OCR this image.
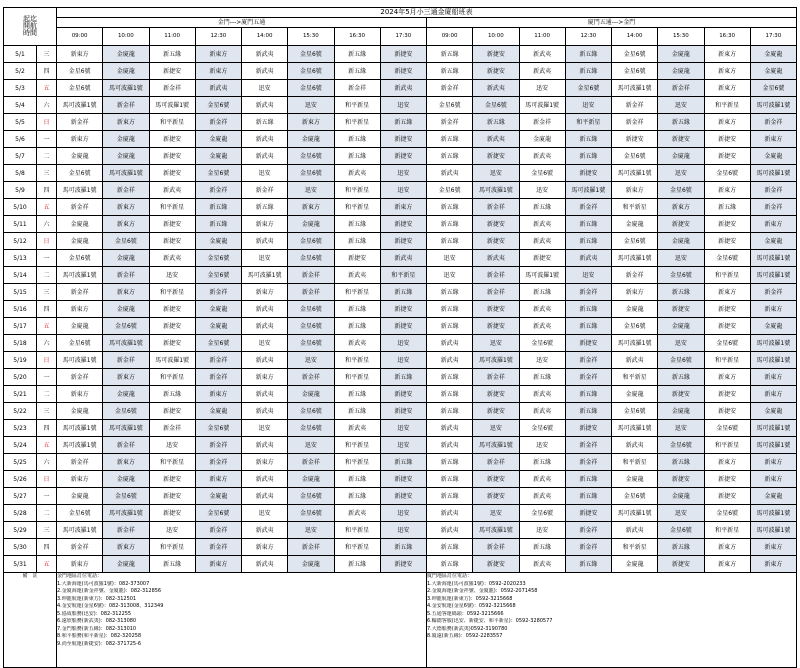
起迄
開航
時間		2024年5月小三通金廈船班表															
		金門--->廈門五通								廈門五通--->金門							
		09:00	10:00	11:00	12:30	14:00	15:30	16:30	17:30	09:00	10:00	11:00	12:30	14:00	15:30	16:30	17:30
5/1	三	新東方	金廈龍	新五緣	新東方	新武夷	金星6號	新五緣	新捷安	新五緣	新捷安	新武夷	新五緣	金星6號	金廈龍	新東方	金廈龍
5/2	四	金星6號	金廈龍	新捷安	新東方	新武夷	金星6號	新五緣	新捷安	新五緣	新捷安	新武夷	新五緣	金星6號	金廈龍	新東方	金廈龍
5/3	五	金星6號	馬可波羅1號	新金祥	新武夷	迅安	金星6號	新金祥	新武夷	新金祥	新武夷	迅安	金星6號	馬可波羅1號	新金祥	新東方	金星6號
5/4	六	馬可波羅1號	新金祥	馬可波羅1號	金星6號	新武夷	迅安	和平新星	迅安	金星6號	金星6號	馬可波羅1號	迅安	新金祥	迅安	和平新星	馬可波羅1號
5/5	日	新金祥	新東方	和平新星	新金祥	新五緣	新東方	和平新星	新五緣	新金祥	新五緣	新金祥	和平新星	新金祥	新五緣	新東方	新金祥
5/6	一	新東方	金廈龍	新捷安	金廈龍	新武夷	金廈龍	新五緣	新捷安	新五緣	新武夷	金廈龍	新五緣	新捷安	新捷安	新捷安	新東方
5/7	二	金廈龍	金廈龍	新捷安	金廈龍	新武夷	金星6號	新五緣	新捷安	新五緣	新捷安	新武夷	新五緣	金星6號	金廈龍	新捷安	金廈龍
5/8	三	金星6號	馬可波羅1號	新捷安	金星6號	迅安	金星6號	新武夷	迅安	新武夷	迅安	金星6號	新捷安	馬可波羅1號	迅安	金星6號	馬可波羅1號
5/9	四	馬可波羅1號	新金祥	新武夷	新金祥	新金祥	迅安	和平新星	迅安	金星6號	馬可波羅1號	迅安	馬可波羅1號	新東方	金星6號	新東方	新金祥
5/10	五	新金祥	新東方	和平新星	新五緣	新五緣	新東方	和平新星	新東方	新五緣	新金祥	新五緣	新金祥	和平新星	新東方	新五緣	新金祥
5/11	六	金廈龍	新東方	新捷安	新五緣	新東方	金廈龍	新五緣	新捷安	新五緣	新捷安	新武夷	新五緣	金廈龍	新捷安	新捷安	新東方
5/12	日	金廈龍	金星6號	新捷安	金廈龍	新武夷	金星6號	新五緣	新捷安	新五緣	新捷安	新武夷	新五緣	金星6號	金廈龍	新捷安	金廈龍
5/13	一	金星6號	金廈龍	新武夷	金星6號	迅安	金星6號	新捷安	新武夷	迅安	新武夷	新捷安	新武夷	馬可波羅1號	迅安	金星6號	馬可波羅1號
5/14	二	馬可波羅1號	新金祥	迅安	金星6號	馬可波羅1號	新金祥	新武夷	和平新星	迅安	新金祥	馬可波羅1號	迅安	新金祥	金星6號	和平新星	馬可波羅1號
5/15	三	新金祥	新東方	和平新星	新金祥	新東方	新金祥	和平新星	新五緣	新五緣	新金祥	新五緣	新金祥	新東方	新五緣	新東方	新金祥
5/16	四	新東方	金廈龍	新捷安	金廈龍	新武夷	金星6號	新五緣	新捷安	新五緣	新捷安	新武夷	新五緣	金廈龍	新捷安	新捷安	新東方
5/17	五	金廈龍	金星6號	新捷安	金廈龍	新武夷	金星6號	新五緣	新捷安	新五緣	新捷安	新武夷	新五緣	金星6號	金廈龍	新捷安	金廈龍
5/18	六	金星6號	馬可波羅1號	新捷安	金星6號	迅安	金星6號	新武夷	迅安	新武夷	迅安	金星6號	新捷安	馬可波羅1號	迅安	金星6號	馬可波羅1號
5/19	日	馬可波羅1號	新金祥	馬可波羅1號	新金祥	新武夷	迅安	和平新星	迅安	新武夷	馬可波羅1號	迅安	新金祥	新武夷	金星6號	和平新星	馬可波羅1號
5/20	一	新金祥	新東方	和平新星	新金祥	新東方	新金祥	和平新星	新五緣	新五緣	新金祥	新五緣	新金祥	和平新星	新五緣	新東方	新東方
5/21	二	新東方	金廈龍	新五緣	新東方	新武夷	金廈龍	新五緣	新捷安	新五緣	新捷安	新武夷	新五緣	金廈龍	新捷安	新捷安	新東方
5/22	三	金廈龍	金星6號	新捷安	金廈龍	新武夷	金星6號	新五緣	新捷安	新五緣	新捷安	新武夷	新五緣	金星6號	金廈龍	新捷安	金廈龍
5/23	四	馬可波羅1號	馬可波羅1號	新金祥	金星6號	迅安	金星6號	新武夷	迅安	新武夷	迅安	金星6號	新捷安	馬可波羅1號	迅安	金星6號	馬可波羅1號
5/24	五	馬可波羅1號	新金祥	迅安	新金祥	新武夷	迅安	和平新星	迅安	新武夷	馬可波羅1號	迅安	新金祥	新武夷	金星6號	和平新星	馬可波羅1號
5/25	六	新金祥	新東方	和平新星	新金祥	新東方	新金祥	和平新星	新五緣	新五緣	新金祥	新五緣	新金祥	和平新星	新五緣	新東方	新東方
5/26	日	新東方	金廈龍	新捷安	新東方	新武夷	金廈龍	新五緣	新捷安	新五緣	新捷安	新武夷	新五緣	金廈龍	新捷安	新捷安	新東方
5/27	一	金廈龍	金星6號	新捷安	金廈龍	新武夷	金星6號	新五緣	新捷安	新五緣	新捷安	新武夷	新五緣	金星6號	金廈龍	新捷安	金廈龍
5/28	二	金星6號	馬可波羅1號	新捷安	金星6號	迅安	金星6號	新武夷	迅安	新武夷	迅安	金星6號	新捷安	馬可波羅1號	迅安	金星6號	馬可波羅1號
5/29	三	馬可波羅1號	新金祥	迅安	新金祥	新武夷	迅安	和平新星	迅安	新武夷	馬可波羅1號	迅安	新金祥	新武夷	金星6號	和平新星	馬可波羅1號
5/30	四	新金祥	新東方	和平新星	新金祥	新東方	新金祥	和平新星	新五緣	新五緣	新金祥	新五緣	新金祥	和平新星	新五緣	新東方	新東方
5/31	五	新東方	金廈龍	新五緣	新東方	新武夷	金廈龍	新五緣	新捷安	新五緣	新捷安	新武夷	新五緣	金廈龍	新捷安	新東方	新東方
備　註	金門地區訂位電話：
1.大新海運(馬可波羅1號)：082-373007
2.金廈海運(新金祥號、金廈龍)：082-312856
3.坤龍航運(新東方)：082-312501
4.金安航運(金星6號)：082-313008、312349
5.協成船務(迅安)：082-312255
6.遠欣船務(新武夷)：082-313080
7.金門船務(新五緣)：082-313010
8.和平船務(和平新星)：082-320258
9.尚至航運(新捷安)：082-371725-6

廈門地區訂位電話：
1.大新海運(馬可波羅1號)：0592-2020233
2.金廈海運(新金祥號、金廈龍)：0592-2071458
3.坤龍航運(新東方)：0592-3215668
4.金安航運(金星6號)：0592-3215668
5.五通客運碼頭：0592-3215666
6.輪總客服(迅安、新捷安、和平新星)：0592-3280577
7.大德船務(新武夷)0592-3190780
8.廈遠(新五緣)：0592-2283557
